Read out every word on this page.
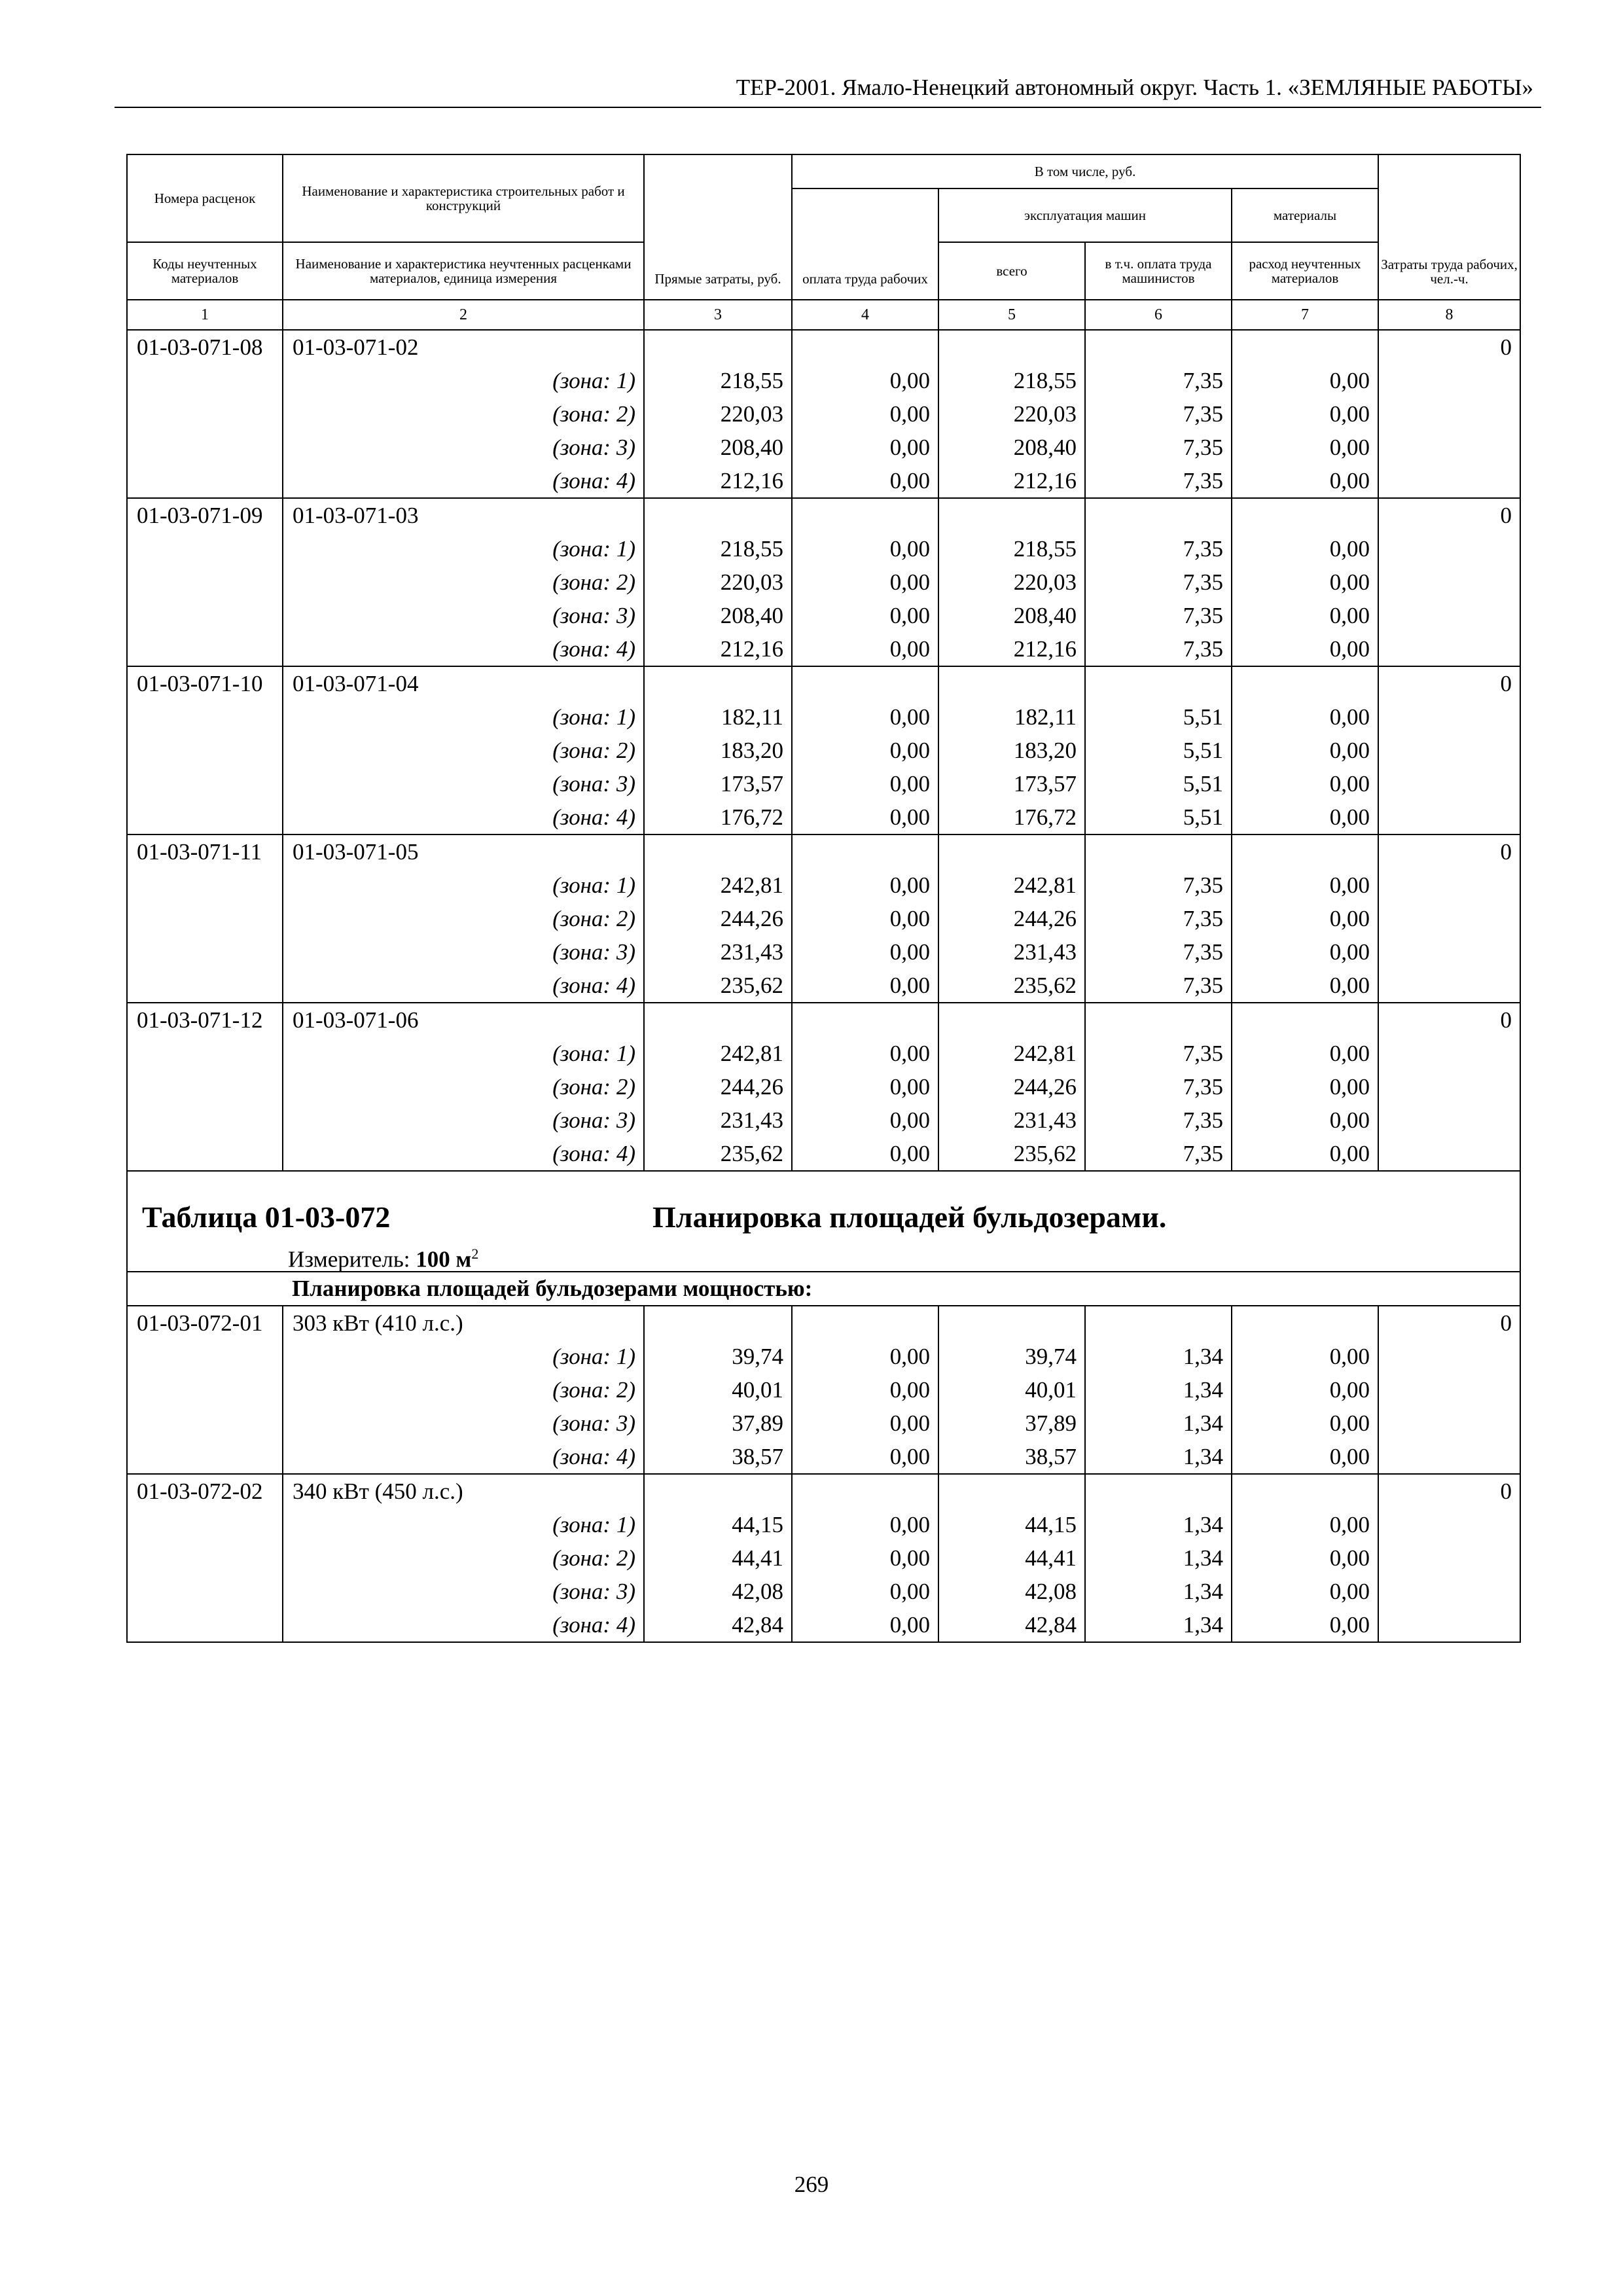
ТЕР-2001. Ямало-Ненецкий автономный округ. Часть 1. «ЗЕМЛЯНЫЕ РАБОТЫ»
Номера расценок	Наименование и характеристика строительных работ и конструкций	Прямые затраты, руб.	В том числе, руб.				Затраты труда рабочих, чел.-ч.
			оплата труда рабочих	эксплуатация машин		материалы	
Коды неучтенных материалов	Наименование и характеристика неучтенных расценками материалов, единица измерения			всего	в т.ч. оплата труда машинистов	расход неучтенных материалов	
1	2	3	4	5	6	7	8
01-03-071-08	01-03-071-02						0
	(зона: 1)	218,55	0,00	218,55	7,35	0,00	
	(зона: 2)	220,03	0,00	220,03	7,35	0,00	
	(зона: 3)	208,40	0,00	208,40	7,35	0,00	
	(зона: 4)	212,16	0,00	212,16	7,35	0,00	
01-03-071-09	01-03-071-03						0
	(зона: 1)	218,55	0,00	218,55	7,35	0,00	
	(зона: 2)	220,03	0,00	220,03	7,35	0,00	
	(зона: 3)	208,40	0,00	208,40	7,35	0,00	
	(зона: 4)	212,16	0,00	212,16	7,35	0,00	
01-03-071-10	01-03-071-04						0
	(зона: 1)	182,11	0,00	182,11	5,51	0,00	
	(зона: 2)	183,20	0,00	183,20	5,51	0,00	
	(зона: 3)	173,57	0,00	173,57	5,51	0,00	
	(зона: 4)	176,72	0,00	176,72	5,51	0,00	
01-03-071-11	01-03-071-05						0
	(зона: 1)	242,81	0,00	242,81	7,35	0,00	
	(зона: 2)	244,26	0,00	244,26	7,35	0,00	
	(зона: 3)	231,43	0,00	231,43	7,35	0,00	
	(зона: 4)	235,62	0,00	235,62	7,35	0,00	
01-03-071-12	01-03-071-06						0
	(зона: 1)	242,81	0,00	242,81	7,35	0,00	
	(зона: 2)	244,26	0,00	244,26	7,35	0,00	
	(зона: 3)	231,43	0,00	231,43	7,35	0,00	
	(зона: 4)	235,62	0,00	235,62	7,35	0,00	

Таблица 01-03-072 Планировка площадей бульдозерами.
Измеритель: 100 $м^2$

	Планировка площадей бульдозерами мощностью:						
01-03-072-01	303 кВт (410 л.с.)						0
	(зона: 1)	39,74	0,00	39,74	1,34	0,00	
	(зона: 2)	40,01	0,00	40,01	1,34	0,00	
	(зона: 3)	37,89	0,00	37,89	1,34	0,00	
	(зона: 4)	38,57	0,00	38,57	1,34	0,00	
01-03-072-02	340 кВт (450 л.с.)						0
	(зона: 1)	44,15	0,00	44,15	1,34	0,00	
	(зона: 2)	44,41	0,00	44,41	1,34	0,00	
	(зона: 3)	42,08	0,00	42,08	1,34	0,00	
	(зона: 4)	42,84	0,00	42,84	1,34	0,00	
269
